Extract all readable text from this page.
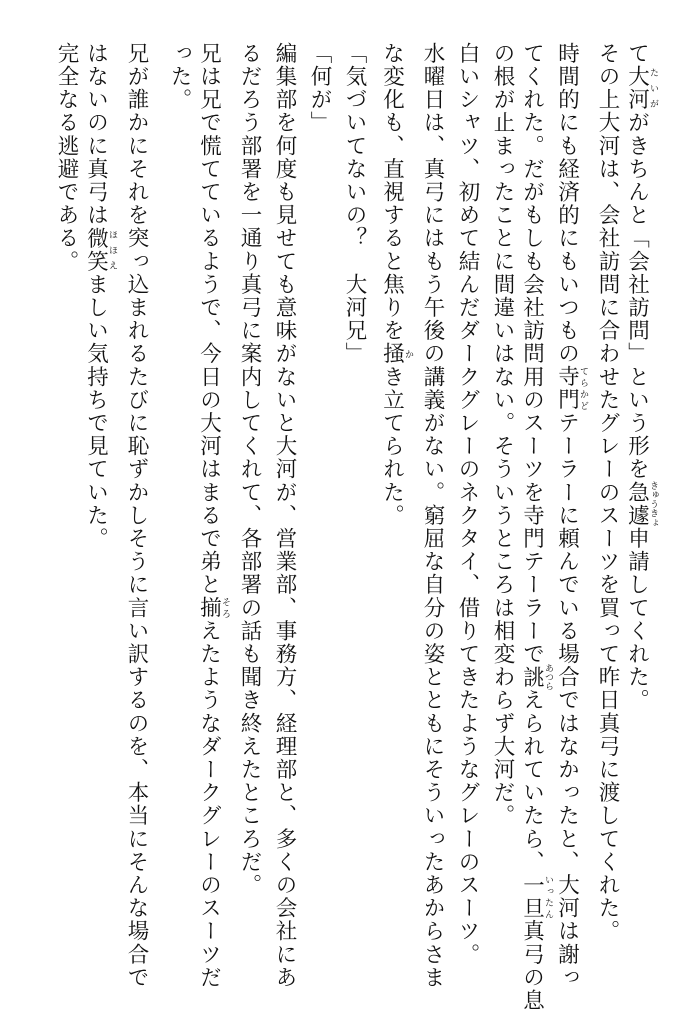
て大河たいががきちんと「会社訪問」という形を急遽きゅうきょ申請してくれた。
その上大河は、会社訪問に合わせたグレーのスーツを買って昨日真弓に渡してくれた。
時間的にも経済的にもいつもの寺門てらかどテーラーに頼んでいる場合ではなかったと、大河は謝っ
てくれた。だがもしも会社訪問用のスーツを寺門テーラーで誂あつらえられていたら、一旦いったん真弓の息
の根が止まったことに間違いはない。そういうところは相変わらず大河だ。
白いシャツ、初めて結んだダークグレーのネクタイ、借りてきたようなグレーのスーツ。
水曜日は、真弓にはもう午後の講義がない。窮屈な自分の姿とともにそういったあからさま
な変化も、直視すると焦りを掻かき立てられた。
「気づいてないの？　大河兄」
「何が」
編集部を何度も見せても意味がないと大河が、営業部、事務方、経理部と、多くの会社にあ
るだろう部署を一通り真弓に案内してくれて、各部署の話も聞き終えたところだ。
兄は兄で慌てているようで、今日の大河はまるで弟と揃そろえたようなダークグレーのスーツだ
った。
兄が誰かにそれを突っ込まれるたびに恥ずかしそうに言い訳するのを、本当にそんな場合で
はないのに真弓は微笑ほほえましい気持ちで見ていた。
完全なる逃避である。
